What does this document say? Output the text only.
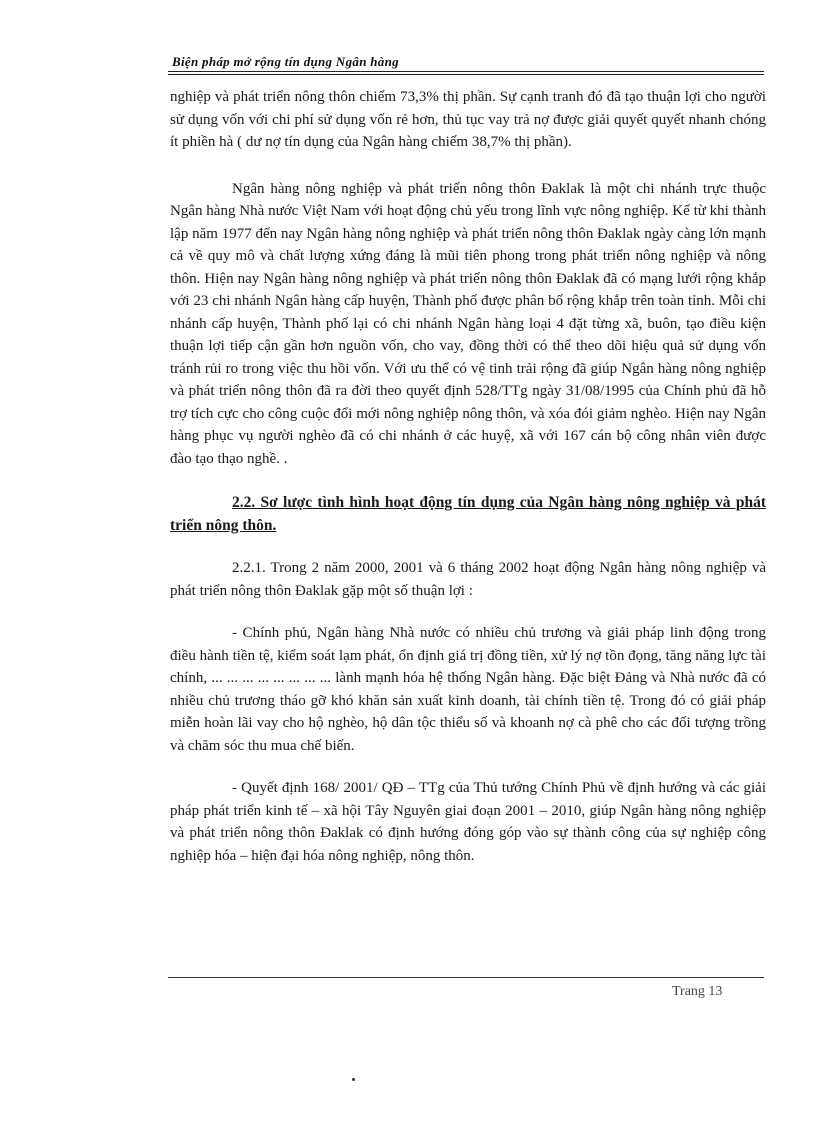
Biện pháp mở rộng tín dụng Ngân hàng

nghiệp và phát triển nông thôn chiếm 73,3% thị phần. Sự cạnh tranh đó đã tạo thuận lợi cho người sử dụng vốn với chi phí sử dụng vốn rẻ hơn, thủ tục vay trả nợ được giải quyết quyết nhanh chóng ít phiền hà ( dư nợ tín dụng của Ngân hàng chiếm 38,7% thị phần).

Ngân hàng nông nghiệp và phát triển nông thôn Đaklak là một chi nhánh trực thuộc Ngân hàng Nhà nước Việt Nam với hoạt động chủ yếu trong lĩnh vực nông nghiệp. Kể từ khi thành lập năm 1977 đến nay Ngân hàng nông nghiệp và phát triển nông thôn Đaklak ngày càng lớn mạnh cả về quy mô và chất lượng xứng đáng là mũi tiên phong trong phát triển nông nghiệp và nông thôn. Hiện nay Ngân hàng nông nghiệp và phát triển nông thôn Đaklak đã có mạng lưới rộng khắp với 23 chi nhánh Ngân hàng cấp huyện, Thành phố được phân bố rộng khắp trên toàn tỉnh. Mỗi chi nhánh cấp huyện, Thành phố lại có chi nhánh Ngân hàng loại 4 đặt từng xã, buôn, tạo điều kiện thuận lợi tiếp cận gần hơn nguồn vốn, cho vay, đồng thời có thể theo dõi hiệu quả sử dụng vốn tránh rủi ro trong việc thu hồi vốn. Với ưu thế có vệ tinh trải rộng đã giúp Ngân hàng nông nghiệp và phát triển nông thôn đã ra đời theo quyết định 528/TTg ngày 31/08/1995 của Chính phủ đã hỗ trợ tích cực cho công cuộc đổi mới nông nghiệp nông thôn, và xóa đói giảm nghèo. Hiện nay Ngân hàng phục vụ người nghèo đã có chi nhánh ở các huyệ, xã với 167 cán bộ công nhân viên được đào tạo thạo nghề. .

2.2. Sơ lược tình hình hoạt động tín dụng của Ngân hàng nông nghiệp và phát triển nông thôn.

2.2.1. Trong 2 năm 2000, 2001 và 6 tháng 2002 hoạt động Ngân hàng nông nghiệp và phát triển nông thôn Đaklak gặp một số thuận lợi :

- Chính phủ, Ngân hàng Nhà nước có nhiều chủ trương và giải pháp linh động trong điều hành tiền tệ, kiểm soát lạm phát, ổn định giá trị đồng tiền, xử lý nợ tồn đọng, tăng năng lực tài chính, ... ... ... ... ... ... ... ... lành mạnh hóa hệ thống Ngân hàng. Đặc biệt Đảng và Nhà nước đã có nhiều chủ trương tháo gỡ khó khăn sản xuất kinh doanh, tài chính tiền tệ. Trong đó có giải pháp miễn hoàn lãi vay cho hộ nghèo, hộ dân tộc thiểu số và khoanh nợ cà phê cho các đối tượng trồng và chăm sóc thu mua chế biến.

- Quyết định 168/ 2001/ QĐ – TTg của Thủ tướng Chính Phủ về định hướng và các giải pháp phát triển kinh tế – xã hội Tây Nguyên giai đoạn 2001 – 2010, giúp Ngân hàng nông nghiệp và phát triển nông thôn Đaklak có định hướng đóng góp vào sự thành công của sự nghiệp công nghiệp hóa – hiện đại hóa nông nghiệp, nông thôn.

Trang 13
